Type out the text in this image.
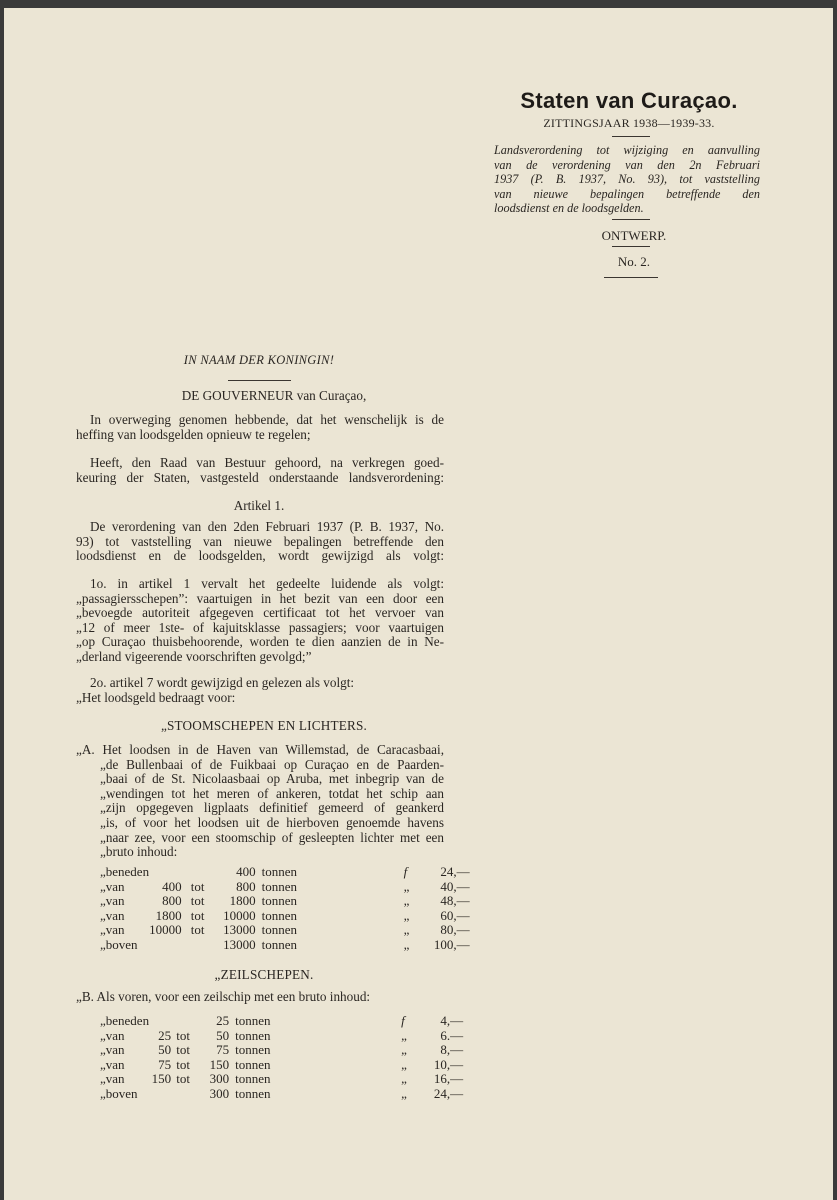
Staten van Curaçao.
ZITTINGSJAAR 1938—1939-33.
Landsverordening tot wijziging en aanvulling
van de verordening van den 2n Februari
1937 (P. B. 1937, No. 93), tot vaststelling
van nieuwe bepalingen betreffende den
loodsdienst en de loodsgelden.
ONTWERP.
No. 2.
IN NAAM DER KONINGIN!
DE GOUVERNEUR van Curaçao,
In overweging genomen hebbende, dat het wenschelijk is de
heffing van loodsgelden opnieuw te regelen;
Heeft, den Raad van Bestuur gehoord, na verkregen goed-
keuring der Staten, vastgesteld onderstaande landsverordening:
Artikel 1.
De verordening van den 2den Februari 1937 (P. B. 1937, No.
93) tot vaststelling van nieuwe bepalingen betreffende den
loodsdienst en de loodsgelden, wordt gewijzigd als volgt:
1o. in artikel 1 vervalt het gedeelte luidende als volgt:
„passagiersschepen”: vaartuigen in het bezit van een door een
„bevoegde autoriteit afgegeven certificaat tot het vervoer van
„12 of meer 1ste- of kajuitsklasse passagiers; voor vaartuigen
„op Curaçao thuisbehoorende, worden te dien aanzien de in Ne-
„derland vigeerende voorschriften gevolgd;”
2o. artikel 7 wordt gewijzigd en gelezen als volgt:
„Het loodsgeld bedraagt voor:
„STOOMSCHEPEN EN LICHTERS.
„A. Het loodsen in de Haven van Willemstad, de Caracasbaai,
„de Bullenbaai of de Fuikbaai op Curaçao en de Paarden-
„baai of de St. Nicolaasbaai op Aruba, met inbegrip van de
„wendingen tot het meren of ankeren, totdat het schip aan
„zijn opgegeven ligplaats definitief gemeerd of geankerd
„is, of voor het loodsen uit de hierboven genoemde havens
„naar zee, voor een stoomschip of gesleepten lichter met een
„bruto inhoud:
„beneden			400	tonnen	f	24,—
„van	400	tot	800	tonnen	„	40,—
„van	800	tot	1800	tonnen	„	48,—
„van	1800	tot	10000	tonnen	„	60,—
„van	10000	tot	13000	tonnen	„	80,—
„boven			13000	tonnen	„	100,—
„ZEILSCHEPEN.
„B. Als voren, voor een zeilschip met een bruto inhoud:
„beneden			25	tonnen	f	4,—
„van	25	tot	50	tonnen	„	6.—
„van	50	tot	75	tonnen	„	8,—
„van	75	tot	150	tonnen	„	10,—
„van	150	tot	300	tonnen	„	16,—
„boven			300	tonnen	„	24,—
